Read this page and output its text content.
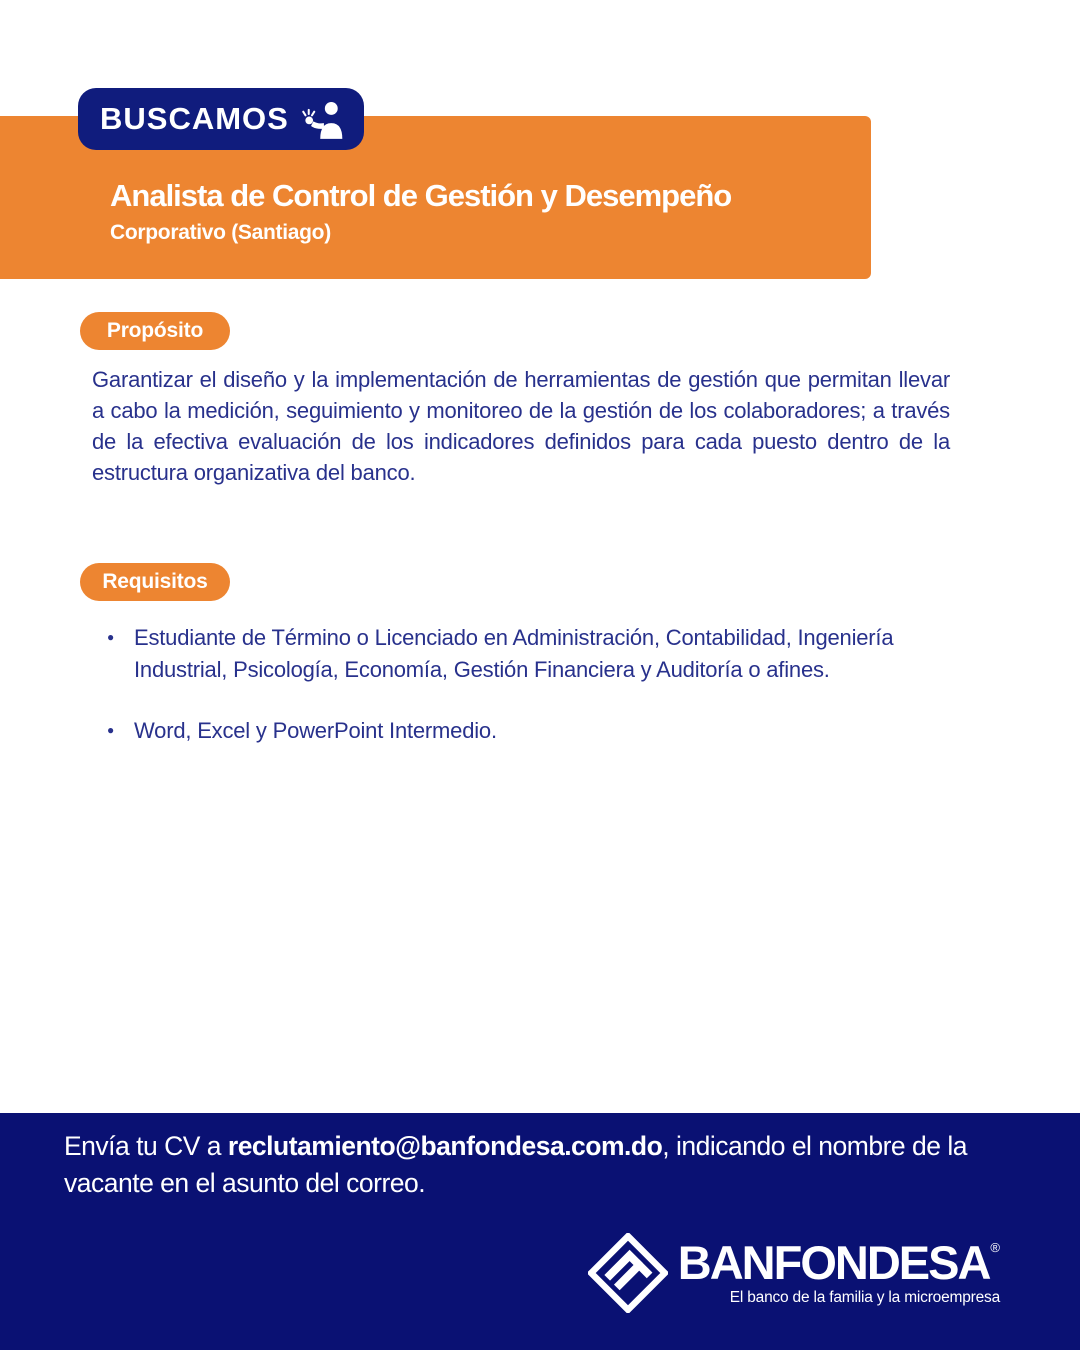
Analista de Control de Gestión y Desempeño
Corporativo (Santiago)
BUSCAMOS
Propósito

Garantizar el diseño y la implementación de herramientas de gestión que permitan llevar a cabo la medición, seguimiento y monitoreo de la gestión de los colaboradores; a través de la efectiva evaluación de los indicadores definidos para cada puesto dentro de la estructura organizativa del banco.

Requisitos
● Estudiante de Término o Licenciado en Administración, Contabilidad, Ingeniería Industrial, Psicología, Economía, Gestión Financiera y Auditoría o afines.
● Word, Excel y PowerPoint Intermedio.
Envía tu CV a reclutamiento@banfondesa.com.do, indicando el nombre de la
vacante en el asunto del correo.
BANFONDESA ®
El banco de la familia y la microempresa
